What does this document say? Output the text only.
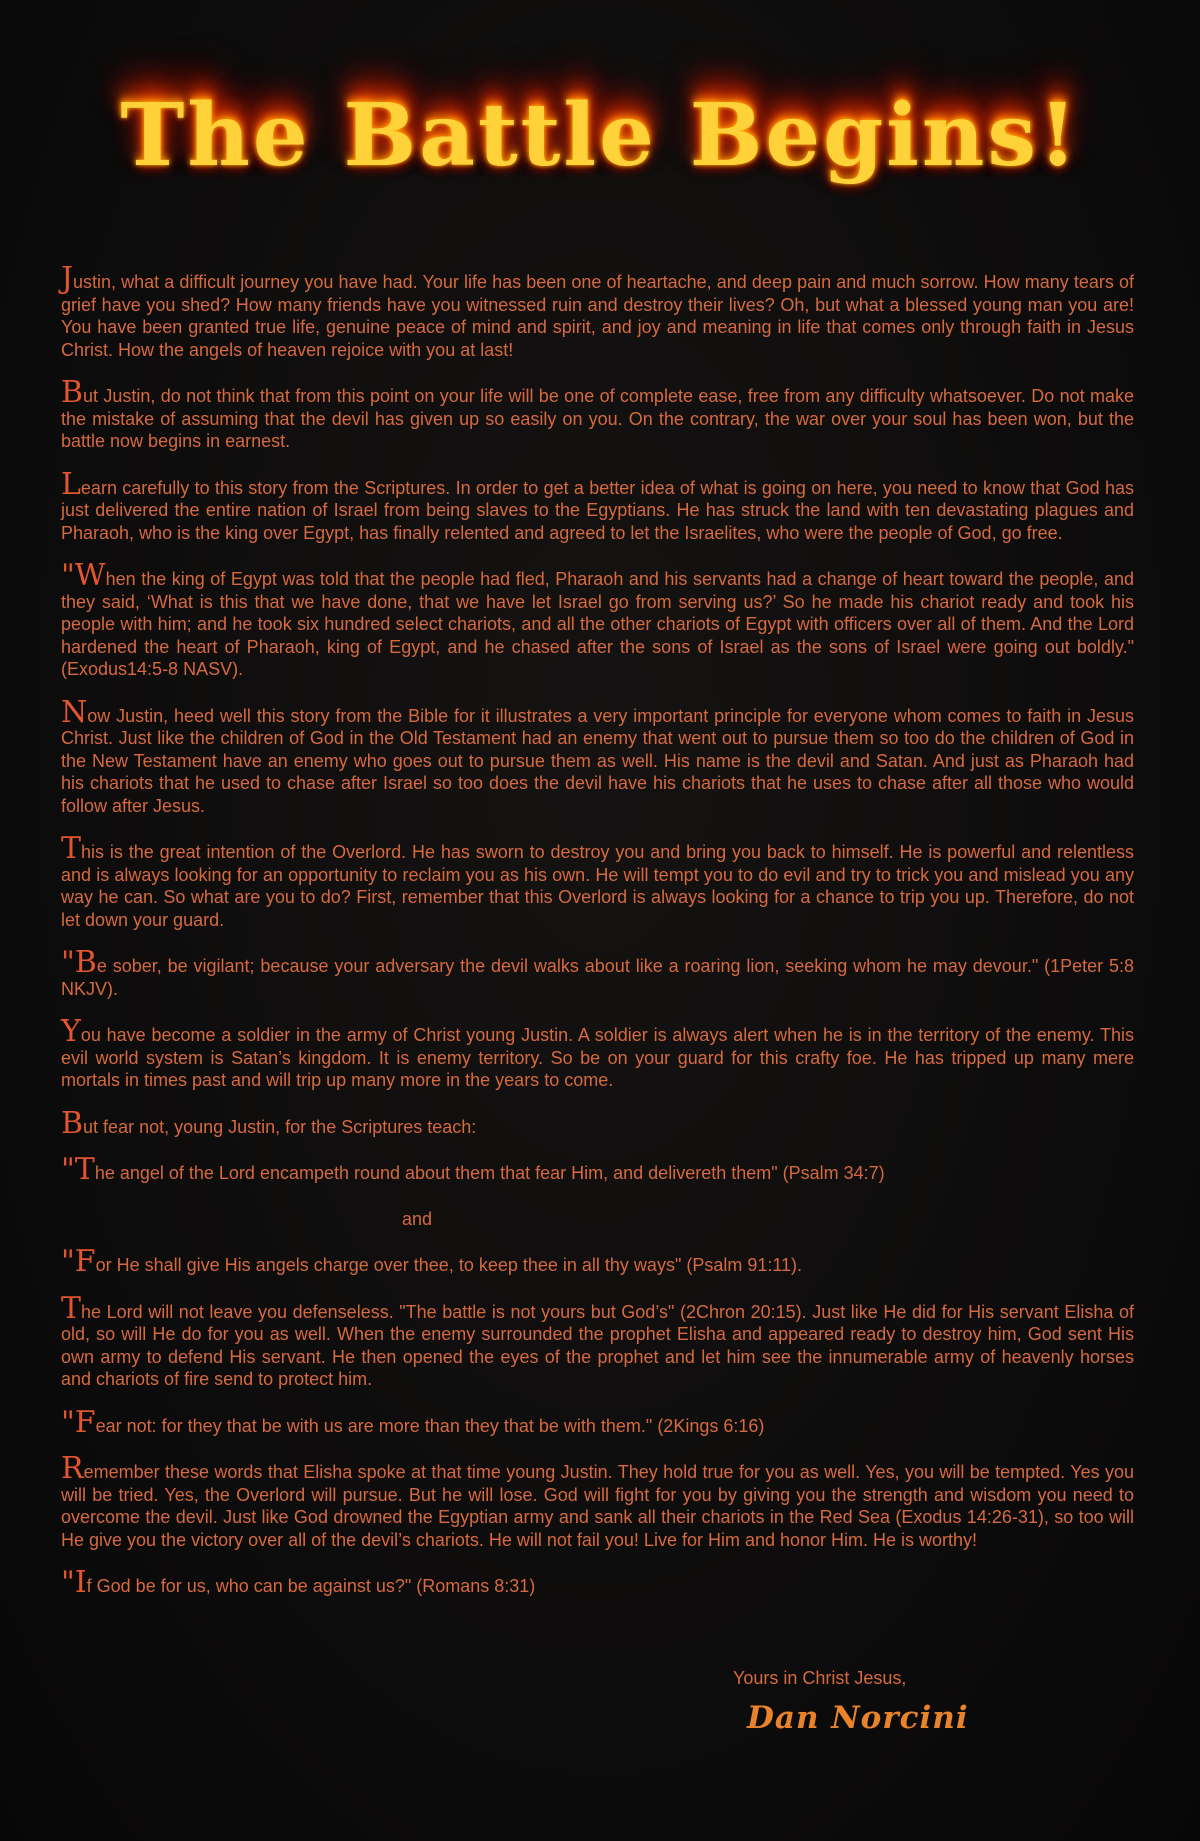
The Battle Begins!

Justin, what a difficult journey you have had. Your life has been one of heartache, and deep pain and much sorrow. How many tears of grief have you shed? How many friends have you witnessed ruin and destroy their lives? Oh, but what a blessed young man you are! You have been granted true life, genuine peace of mind and spirit, and joy and meaning in life that comes only through faith in Jesus Christ. How the angels of heaven rejoice with you at last!

But Justin, do not think that from this point on your life will be one of complete ease, free from any difficulty whatsoever. Do not make the mistake of assuming that the devil has given up so easily on you. On the contrary, the war over your soul has been won, but the battle now begins in earnest.

Learn carefully to this story from the Scriptures. In order to get a better idea of what is going on here, you need to know that God has just delivered the entire nation of Israel from being slaves to the Egyptians. He has struck the land with ten devastating plagues and Pharaoh, who is the king over Egypt, has finally relented and agreed to let the Israelites, who were the people of God, go free.

"When the king of Egypt was told that the people had fled, Pharaoh and his servants had a change of heart toward the people, and they said, ‘What is this that we have done, that we have let Israel go from serving us?’ So he made his chariot ready and took his people with him; and he took six hundred select chariots, and all the other chariots of Egypt with officers over all of them. And the Lord hardened the heart of Pharaoh, king of Egypt, and he chased after the sons of Israel as the sons of Israel were going out boldly." (Exodus14:5-8 NASV).

Now Justin, heed well this story from the Bible for it illustrates a very important principle for everyone whom comes to faith in Jesus Christ. Just like the children of God in the Old Testament had an enemy that went out to pursue them so too do the children of God in the New Testament have an enemy who goes out to pursue them as well. His name is the devil and Satan. And just as Pharaoh had his chariots that he used to chase after Israel so too does the devil have his chariots that he uses to chase after all those who would follow after Jesus.

This is the great intention of the Overlord. He has sworn to destroy you and bring you back to himself. He is powerful and relentless and is always looking for an opportunity to reclaim you as his own. He will tempt you to do evil and try to trick you and mislead you any way he can. So what are you to do? First, remember that this Overlord is always looking for a chance to trip you up. Therefore, do not let down your guard.

"Be sober, be vigilant; because your adversary the devil walks about like a roaring lion, seeking whom he may devour." (1Peter 5:8 NKJV).

You have become a soldier in the army of Christ young Justin. A soldier is always alert when he is in the territory of the enemy. This evil world system is Satan’s kingdom. It is enemy territory. So be on your guard for this crafty foe. He has tripped up many mere mortals in times past and will trip up many more in the years to come.

But fear not, young Justin, for the Scriptures teach:

"The angel of the Lord encampeth round about them that fear Him, and delivereth them" (Psalm 34:7)

and

"For He shall give His angels charge over thee, to keep thee in all thy ways" (Psalm 91:11).

The Lord will not leave you defenseless. "The battle is not yours but God’s" (2Chron 20:15). Just like He did for His servant Elisha of old, so will He do for you as well. When the enemy surrounded the prophet Elisha and appeared ready to destroy him, God sent His own army to defend His servant. He then opened the eyes of the prophet and let him see the innumerable army of heavenly horses and chariots of fire send to protect him.

"Fear not: for they that be with us are more than they that be with them." (2Kings 6:16)

Remember these words that Elisha spoke at that time young Justin. They hold true for you as well. Yes, you will be tempted. Yes you will be tried. Yes, the Overlord will pursue. But he will lose. God will fight for you by giving you the strength and wisdom you need to overcome the devil. Just like God drowned the Egyptian army and sank all their chariots in the Red Sea (Exodus 14:26-31), so too will He give you the victory over all of the devil’s chariots. He will not fail you! Live for Him and honor Him. He is worthy!

"If God be for us, who can be against us?" (Romans 8:31)

Yours in Christ Jesus,
Dan Norcini
